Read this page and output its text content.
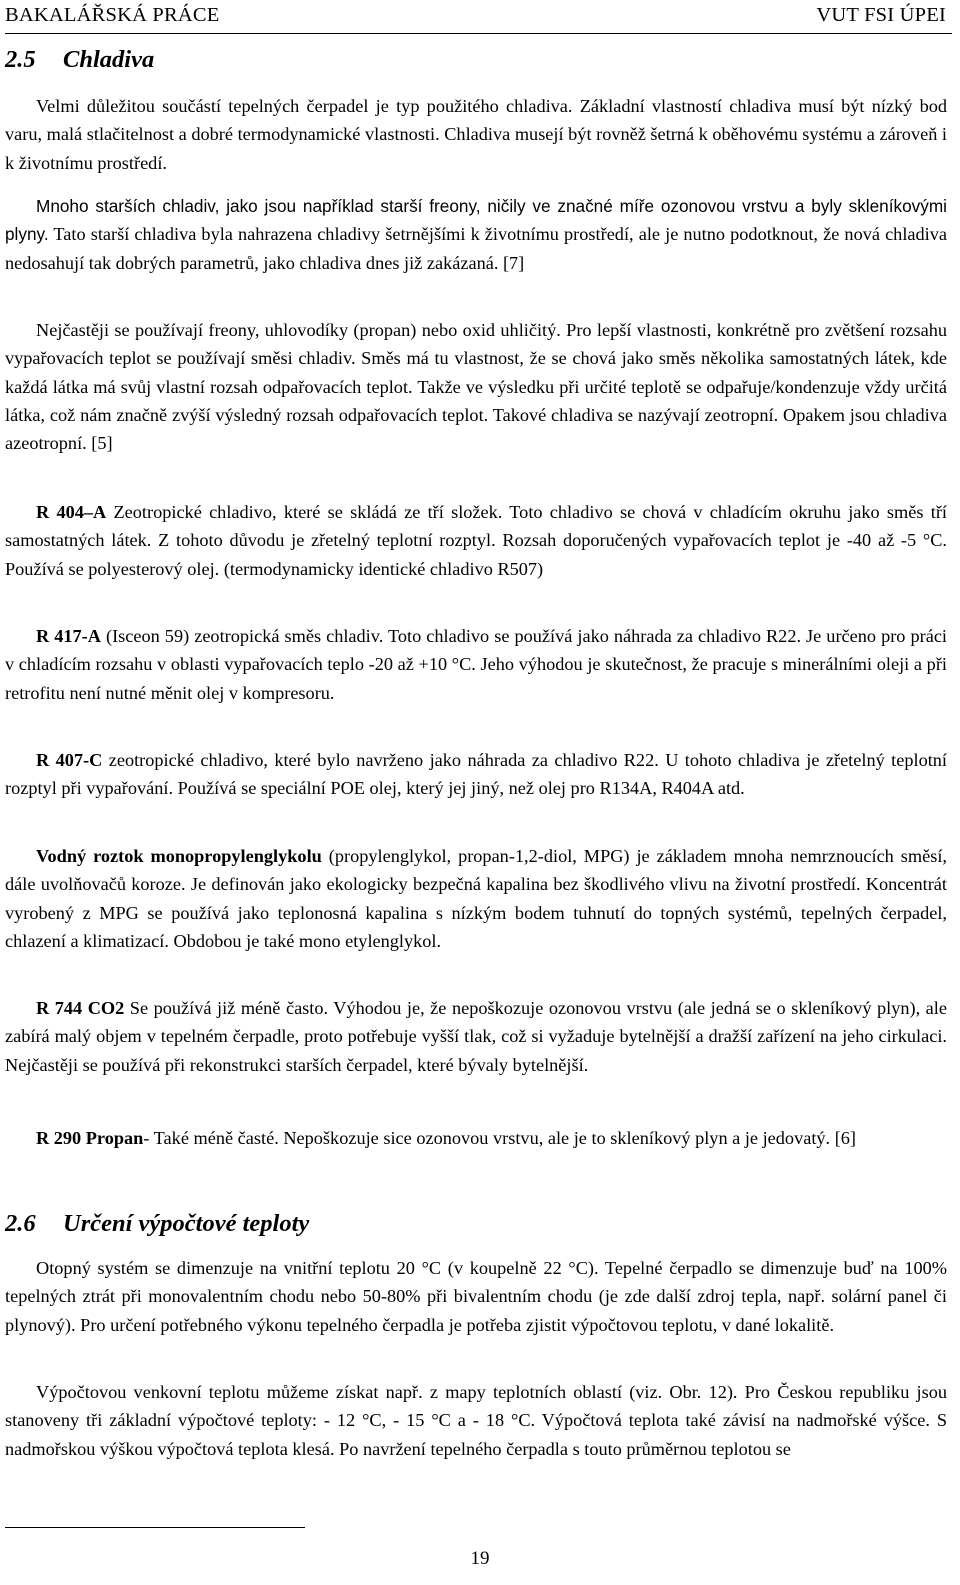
BAKALÁŘSKÁ PRÁCE	VUT FSI ÚPEI
2.5 Chladiva
Velmi důležitou součástí tepelných čerpadel je typ použitého chladiva. Základní vlastností chladiva musí být nízký bod varu, malá stlačitelnost a dobré termodynamické vlastnosti. Chladiva musejí být rovněž šetrná k oběhovému systému a zároveň i k životnímu prostředí.
Mnoho starších chladiv, jako jsou například starší freony, ničily ve značné míře ozonovou vrstvu a byly skleníkovými plyny. Tato starší chladiva byla nahrazena chladivy šetrnějšími k životnímu prostředí, ale je nutno podotknout, že nová chladiva nedosahují tak dobrých parametrů, jako chladiva dnes již zakázaná. [7]
Nejčastěji se používají freony, uhlovodíky (propan) nebo oxid uhličitý. Pro lepší vlastnosti, konkrétně pro zvětšení rozsahu vypařovacích teplot se používají směsi chladiv. Směs má tu vlastnost, že se chová jako směs několika samostatných látek, kde každá látka má svůj vlastní rozsah odpařovacích teplot. Takže ve výsledku při určité teplotě se odpařuje/kondenzuje vždy určitá látka, což nám značně zvýší výsledný rozsah odpařovacích teplot. Takové chladiva se nazývají zeotropní. Opakem jsou chladiva azeotropní. [5]
R 404–A Zeotropické chladivo, které se skládá ze tří složek. Toto chladivo se chová v chladícím okruhu jako směs tří samostatných látek. Z tohoto důvodu je zřetelný teplotní rozptyl. Rozsah doporučených vypařovacích teplot je -40 až -5 °C. Používá se polyesterový olej. (termodynamicky identické chladivo R507)
R 417-A (Isceon 59) zeotropická směs chladiv. Toto chladivo se používá jako náhrada za chladivo R22. Je určeno pro práci v chladícím rozsahu v oblasti vypařovacích teplo -20 až +10 °C. Jeho výhodou je skutečnost, že pracuje s minerálními oleji a při retrofitu není nutné měnit olej v kompresoru.
R 407-C zeotropické chladivo, které bylo navrženo jako náhrada za chladivo R22. U tohoto chladiva je zřetelný teplotní rozptyl při vypařování. Používá se speciální POE olej, který jej jiný, než olej pro R134A, R404A atd.
Vodný roztok monopropylenglykolu (propylenglykol, propan-1,2-diol, MPG) je základem mnoha nemrznoucích směsí, dále uvolňovačů koroze. Je definován jako ekologicky bezpečná kapalina bez škodlivého vlivu na životní prostředí. Koncentrát vyrobený z MPG se používá jako teplonosná kapalina s nízkým bodem tuhnutí do topných systémů, tepelných čerpadel, chlazení a klimatizací. Obdobou je také mono etylenglykol.
R 744 CO2 Se používá již méně často. Výhodou je, že nepoškozuje ozonovou vrstvu (ale jedná se o skleníkový plyn), ale zabírá malý objem v tepelném čerpadle, proto potřebuje vyšší tlak, což si vyžaduje bytelnější a dražší zařízení na jeho cirkulaci. Nejčastěji se používá při rekonstrukci starších čerpadel, které bývaly bytelnější.
R 290 Propan- Také méně časté. Nepoškozuje sice ozonovou vrstvu, ale je to skleníkový plyn a je jedovatý. [6]
2.6 Určení výpočtové teploty
Otopný systém se dimenzuje na vnitřní teplotu 20 °C (v koupelně 22 °C). Tepelné čerpadlo se dimenzuje buď na 100% tepelných ztrát při monovalentním chodu nebo 50-80% při bivalentním chodu (je zde další zdroj tepla, např. solární panel či plynový). Pro určení potřebného výkonu tepelného čerpadla je potřeba zjistit výpočtovou teplotu, v dané lokalitě.
Výpočtovou venkovní teplotu můžeme získat např. z mapy teplotních oblastí (viz. Obr. 12). Pro Českou republiku jsou stanoveny tři základní výpočtové teploty: - 12 °C, - 15 °C a - 18 °C. Výpočtová teplota také závisí na nadmořské výšce. S nadmořskou výškou výpočtová teplota klesá. Po navržení tepelného čerpadla s touto průměrnou teplotou se
19
